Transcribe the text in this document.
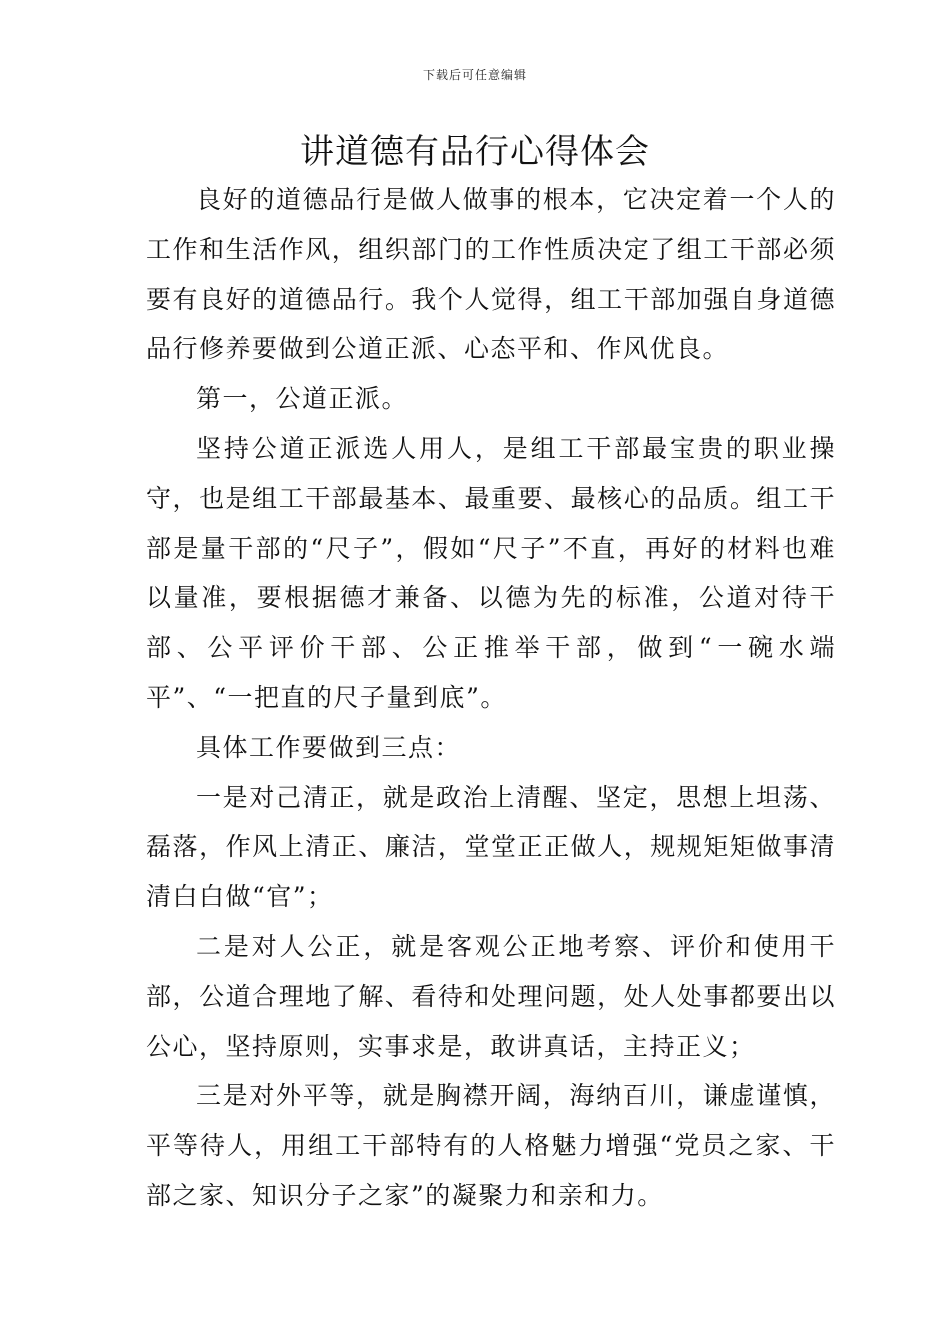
下载后可任意编辑
讲道德有品行心得体会

良好的道德品行是做人做事的根本，它决定着一个人的工作和生活作风，组织部门的工作性质决定了组工干部必须要有良好的道德品行。我个人觉得，组工干部加强自身道德品行修养要做到公道正派、心态平和、作风优良。

第一，公道正派。

坚持公道正派选人用人，是组工干部最宝贵的职业操守，也是组工干部最基本、最重要、最核心的品质。组工干部是量干部的“尺子”，假如“尺子”不直，再好的材料也难以量准，要根据德才兼备、以德为先的标准，公道对待干部、公平评价干部、公正推举干部，做到“一碗水端平”、“一把直的尺子量到底”。

具体工作要做到三点：

一是对己清正，就是政治上清醒、坚定，思想上坦荡、磊落，作风上清正、廉洁，堂堂正正做人，规规矩矩做事清清白白做“官”；

二是对人公正，就是客观公正地考察、评价和使用干部，公道合理地了解、看待和处理问题，处人处事都要出以公心，坚持原则，实事求是，敢讲真话，主持正义；

三是对外平等，就是胸襟开阔，海纳百川，谦虚谨慎，平等待人，用组工干部特有的人格魅力增强“党员之家、干部之家、知识分子之家”的凝聚力和亲和力。
